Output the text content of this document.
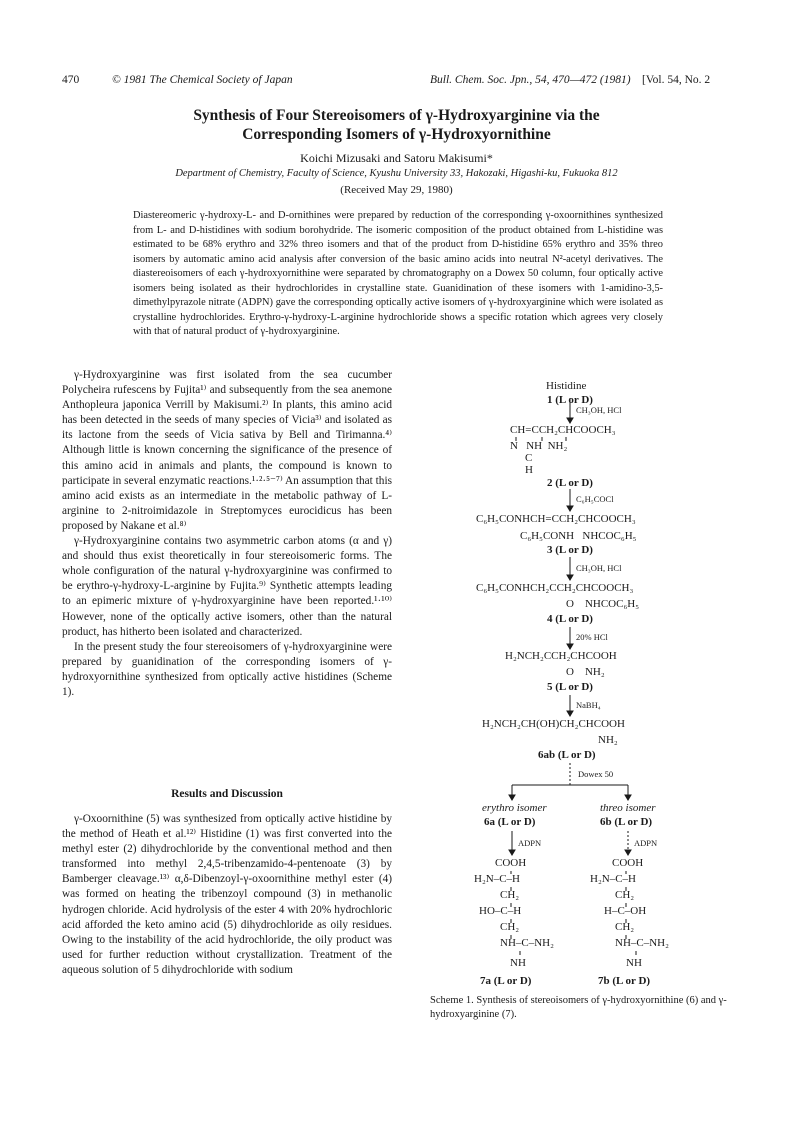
470	© 1981 The Chemical Society of Japan	Bull. Chem. Soc. Jpn., 54, 470—472 (1981) [Vol. 54, No. 2
Synthesis of Four Stereoisomers of γ-Hydroxyarginine via the
Corresponding Isomers of γ-Hydroxyornithine
Koichi Mizusaki and Satoru Makisumi*
Department of Chemistry, Faculty of Science, Kyushu University 33, Hakozaki, Higashi-ku, Fukuoka 812
(Received May 29, 1980)
Diastereomeric γ-hydroxy-L- and D-ornithines were prepared by reduction of the corresponding γ-oxoornithines synthesized from L- and D-histidines with sodium borohydride. The isomeric composition of the product obtained from L-histidine was estimated to be 68% erythro and 32% threo isomers and that of the product from D-histidine 65% erythro and 35% threo isomers by automatic amino acid analysis after conversion of the basic amino acids into neutral N²-acetyl derivatives. The diastereoisomers of each γ-hydroxyornithine were separated by chromatography on a Dowex 50 column, four optically active isomers being isolated as their hydrochlorides in crystalline state. Guanidination of these isomers with 1-amidino-3,5-dimethylpyrazole nitrate (ADPN) gave the corresponding optically active isomers of γ-hydroxyarginine which were isolated as crystalline hydrochlorides. Erythro-γ-hydroxy-L-arginine hydrochloride shows a specific rotation which agrees very closely with that of natural product of γ-hydroxyarginine.

γ-Hydroxyarginine was first isolated from the sea cucumber Polycheira rufescens by Fujita¹⁾ and subsequently from the sea anemone Anthopleura japonica Verrill by Makisumi.²⁾ In plants, this amino acid has been detected in the seeds of many species of Vicia³⁾ and isolated as its lactone from the seeds of Vicia sativa by Bell and Tirimanna.⁴⁾ Although little is known concerning the significance of the presence of this amino acid in animals and plants, the compound is known to participate in several enzymatic reactions.¹·²·⁵⁻⁷⁾ An assumption that this amino acid exists as an intermediate in the metabolic pathway of L-arginine to 2-nitroimidazole in Streptomyces eurocidicus has been proposed by Nakane et al.⁸⁾

γ-Hydroxyarginine contains two asymmetric carbon atoms (α and γ) and should thus exist theoretically in four stereoisomeric forms. The whole configuration of the natural γ-hydroxyarginine was confirmed to be erythro-γ-hydroxy-L-arginine by Fujita.⁹⁾ Synthetic attempts leading to an epimeric mixture of γ-hydroxyarginine have been reported.¹·¹⁰⁾ However, none of the optically active isomers, other than the natural product, has hitherto been isolated and characterized.

In the present study the four stereoisomers of γ-hydroxyarginine were prepared by guanidination of the corresponding isomers of γ-hydroxyornithine synthesized from optically active histidines (Scheme 1).

Results and Discussion

γ-Oxoornithine (5) was synthesized from optically active histidine by the method of Heath et al.¹²⁾ Histidine (1) was first converted into the methyl ester (2) dihydrochloride by the conventional method and then transformed into methyl 2,4,5-tribenzamido-4-pentenoate (3) by Bamberger cleavage.¹³⁾ α,δ-Dibenzoyl-γ-oxoornithine methyl ester (4) was formed on heating the tribenzoyl compound (3) in methanolic hydrogen chloride. Acid hydrolysis of the ester 4 with 20% hydrochloric acid afforded the keto amino acid (5) dihydrochloride as oily residues. Owing to the instability of the acid hydrochloride, the oily product was used for further reduction without crystallization. Treatment of the aqueous solution of 5 dihydrochloride with sodium

Histidine
1 (L or D)
CH₃OH, HCl
CH=CCH₂CHCOOCH₃
N   NH  NH₂
C
H
2 (L or D)
C₆H₅COCl
C₆H₅CONHCH=CCH₂CHCOOCH₃
C₆H₅CONH   NHCOC₆H₅
3 (L or D)
CH₃OH, HCl
C₆H₅CONHCH₂CCH₂CHCOOCH₃
O    NHCOC₆H₅
4 (L or D)
20% HCl
H₂NCH₂CCH₂CHCOOH
O    NH₂
5 (L or D)
NaBH₄
H₂NCH₂CH(OH)CH₂CHCOOH
NH₂
6ab (L or D)
Dowex 50
erythro isomer	threo isomer
6a (L or D)	6b (L or D)
ADPN	ADPN
COOH
H₂N–C–H
CH₂
HO–C–H
CH₂
NH–C–NH₂
NH
7a (L or D)
COOH
H₂N–C–H
CH₂
H–C–OH
CH₂
NH–C–NH₂
NH
7b (L or D)
Scheme 1. Synthesis of stereoisomers of γ-hydroxyornithine (6) and γ-hydroxyarginine (7).
